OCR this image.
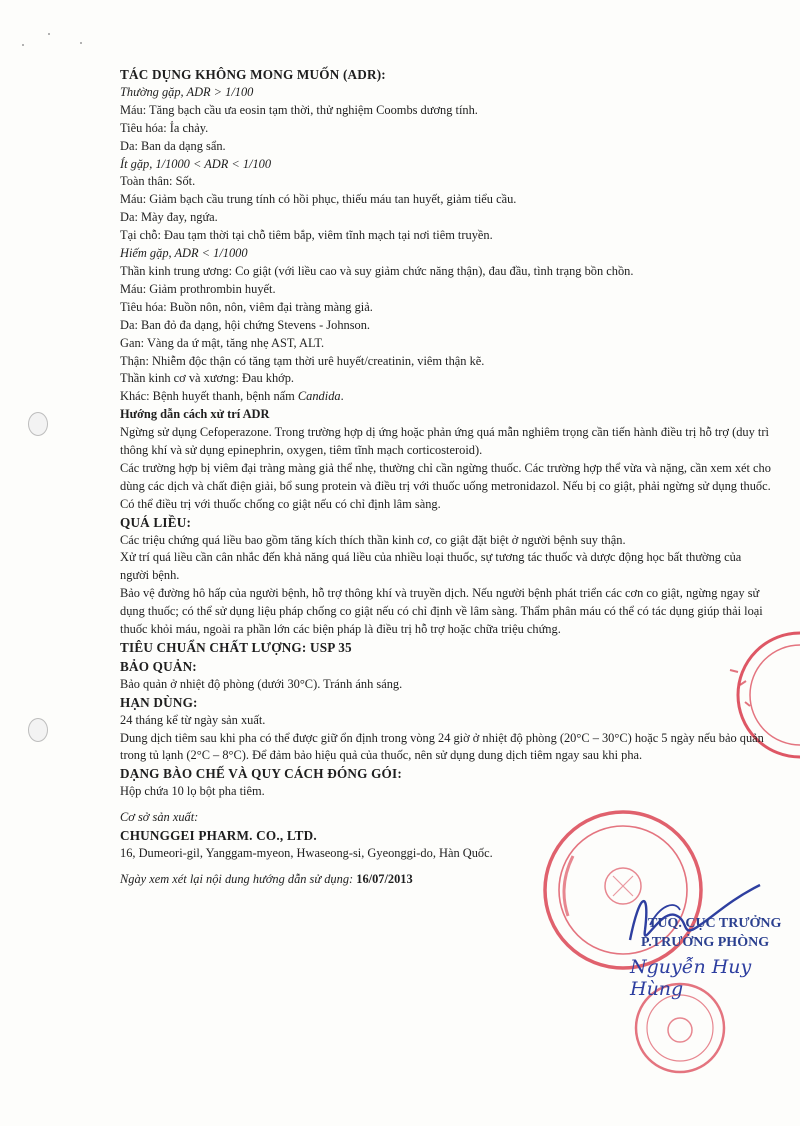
TUQ. CỤC TRƯỞNG
P.TRƯỞNG PHÒNG
Nguyễn Huy Hùng
TÁC DỤNG KHÔNG MONG MUỐN (ADR):
Thường gặp, ADR > 1/100
Máu: Tăng bạch cầu ưa eosin tạm thời, thử nghiệm Coombs dương tính.
Tiêu hóa: Ỉa chảy.
Da: Ban da dạng sẩn.
Ít gặp, 1/1000 < ADR < 1/100
Toàn thân: Sốt.
Máu: Giảm bạch cầu trung tính có hồi phục, thiếu máu tan huyết, giảm tiểu cầu.
Da: Mày đay, ngứa.
Tại chỗ: Đau tạm thời tại chỗ tiêm bắp, viêm tĩnh mạch tại nơi tiêm truyền.
Hiếm gặp, ADR < 1/1000
Thần kinh trung ương: Co giật (với liều cao và suy giảm chức năng thận), đau đầu, tình trạng bồn chồn.
Máu: Giảm prothrombin huyết.
Tiêu hóa: Buồn nôn, nôn, viêm đại tràng màng giả.
Da: Ban đỏ đa dạng, hội chứng Stevens - Johnson.
Gan: Vàng da ứ mật, tăng nhẹ AST, ALT.
Thận: Nhiễm độc thận có tăng tạm thời urê huyết/creatinin, viêm thận kẽ.
Thần kinh cơ và xương: Đau khớp.
Khác: Bệnh huyết thanh, bệnh nấm Candida.
Hướng dẫn cách xử trí ADR
Ngừng sử dụng Cefoperazone. Trong trường hợp dị ứng hoặc phản ứng quá mẫn nghiêm trọng cần tiến hành điều trị hỗ trợ (duy trì thông khí và sử dụng epinephrin, oxygen, tiêm tĩnh mạch corticosteroid).
Các trường hợp bị viêm đại tràng màng giả thể nhẹ, thường chỉ cần ngừng thuốc. Các trường hợp thể vừa và nặng, cần xem xét cho dùng các dịch và chất điện giải, bổ sung protein và điều trị với thuốc uống metronidazol. Nếu bị co giật, phải ngừng sử dụng thuốc. Có thể điều trị với thuốc chống co giật nếu có chỉ định lâm sàng.
QUÁ LIỀU:
Các triệu chứng quá liều bao gồm tăng kích thích thần kinh cơ, co giật đặt biệt ở người bệnh suy thận.
Xử trí quá liều cần cân nhắc đến khả năng quá liều của nhiều loại thuốc, sự tương tác thuốc và dược động học bất thường của người bệnh.
Bảo vệ đường hô hấp của người bệnh, hỗ trợ thông khí và truyền dịch. Nếu người bệnh phát triển các cơn co giật, ngừng ngay sử dụng thuốc; có thể sử dụng liệu pháp chống co giật nếu có chỉ định về lâm sàng. Thẩm phân máu có thể có tác dụng giúp thải loại thuốc khỏi máu, ngoài ra phần lớn các biện pháp là điều trị hỗ trợ hoặc chữa triệu chứng.
TIÊU CHUẨN CHẤT LƯỢNG: USP 35
BẢO QUẢN:
Bảo quản ở nhiệt độ phòng (dưới 30°C). Tránh ánh sáng.
HẠN DÙNG:
24 tháng kể từ ngày sản xuất.
Dung dịch tiêm sau khi pha có thể được giữ ổn định trong vòng 24 giờ ở nhiệt độ phòng (20°C – 30°C) hoặc 5 ngày nếu bảo quản trong tủ lạnh (2°C – 8°C). Để đảm bảo hiệu quả của thuốc, nên sử dụng dung dịch tiêm ngay sau khi pha.
DẠNG BÀO CHẾ VÀ QUY CÁCH ĐÓNG GÓI:
Hộp chứa 10 lọ bột pha tiêm.
Cơ sở sản xuất:
CHUNGGEI PHARM. CO., LTD.
16, Dumeori-gil, Yanggam-myeon, Hwaseong-si, Gyeonggi-do, Hàn Quốc.
Ngày xem xét lại nội dung hướng dẫn sử dụng: 16/07/2013
